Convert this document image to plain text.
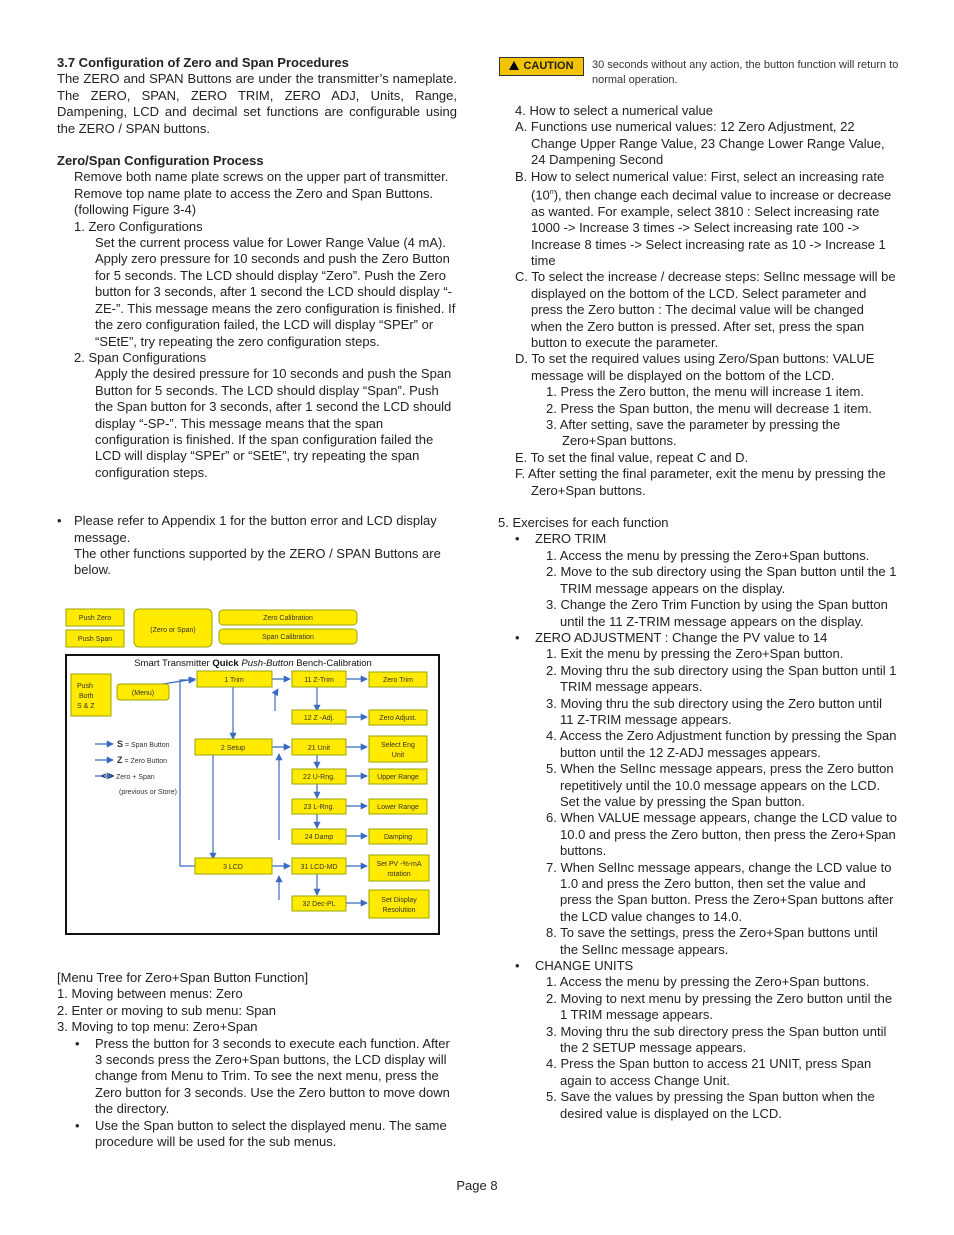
3.7 Configuration of Zero and Span Procedures

The ZERO and SPAN Buttons are under the transmitter’s nameplate. The ZERO, SPAN, ZERO TRIM, ZERO ADJ, Units, Range, Dampening, LCD and decimal set functions are configurable using the ZERO / SPAN buttons.

Zero/Span Configuration Process

Remove both name plate screws on the upper part of transmitter. Remove top name plate to access the Zero and Span Buttons. (following Figure 3-4)

1. Zero Configurations

Set the current process value for Lower Range Value (4 mA). Apply zero pressure for 10 seconds and push the Zero Button for 5 seconds. The LCD should display “Zero”. Push the Zero button for 3 seconds, after 1 second the LCD should display “-ZE-”. This message means the zero configuration is finished. If the zero configuration failed, the LCD will display “SPEr” or “SEtE”, try repeating the zero configuration steps.

2. Span Configurations

Apply the desired pressure for 10 seconds and push the Span Button for 5 seconds. The LCD should display “Span”. Push the Span button for 3 seconds, after 1 second the LCD should display “-SP-”. This message means that the span configuration is finished. If the span configuration failed the LCD will display “SPEr” or “SEtE”, try repeating the span configuration steps.

• Please refer to Appendix 1 for the button error and LCD display message.

The other functions supported by the ZERO / SPAN Buttons are below.

Push Zero
Push Span
(Zero or Span)
Zero Calibration
Span Calibration
Smart Transmitter Quick Push-Button Bench-Calibration
Push
Both
S & Z
(Menu)
1 Trim
2 Setup
3 LCD
11 Z-Trim
12 Z -Adj.
21 Unit
22 U-Rng.
23 L-Rng.
24 Damp
31 LCD-MD
32 Dec-PL
Zero Trim
Zero Adjust.
Select Eng
Unit
Upper Range
Lower Range
Damping
Set PV -%-mA
rotation
Set Display
Resolution
S = Span Button
Z = Zero Button
< > Zero + Span
(previous or Store)

[Menu Tree for Zero+Span Button Function]

1. Moving between menus: Zero

2. Enter or moving to sub menu: Span

3. Moving to top menu: Zero+Span

• Press the button for 3 seconds to execute each function. After 3 seconds press the Zero+Span buttons, the LCD display will change from Menu to Trim. To see the next menu, press the Zero button for 3 seconds. Use the Zero button to move down the directory.

• Use the Span button to select the displayed menu. The same procedure will be used for the sub menus.

CAUTION	30 seconds without any action, the button function will return to normal operation.

4. How to select a numerical value

A. Functions use numerical values: 12 Zero Adjustment, 22 Change Upper Range Value, 23 Change Lower Range Value, 24 Dampening Second

B. How to select numerical value: First, select an increasing rate (10$^n$), then change each decimal value to increase or decrease as wanted. For example, select 3810 : Select increasing rate 1000 -> Increase 3 times -> Select increasing rate 100 -> Increase 8 times -> Select increasing rate as 10 -> Increase 1 time

C. To select the increase / decrease steps: SelInc message will be displayed on the bottom of the LCD. Select parameter and press the Zero button : The decimal value will be changed when the Zero button is pressed. After set, press the span button to execute the parameter.

D. To set the required values using Zero/Span buttons: VALUE message will be displayed on the bottom of the LCD.

1. Press the Zero button, the menu will increase 1 item.

2. Press the Span button, the menu will decrease 1 item.

3. After setting, save the parameter by pressing the Zero+Span buttons.

E. To set the final value, repeat C and D.

F. After setting the final parameter, exit the menu by pressing the Zero+Span buttons.

5. Exercises for each function

• ZERO TRIM

1. Access the menu by pressing the Zero+Span buttons.

2. Move to the sub directory using the Span button until the 1 TRIM message appears on the display.

3. Change the Zero Trim Function by using the Span button until the 11 Z-TRIM message appears on the display.

• ZERO ADJUSTMENT : Change the PV value to 14

1. Exit the menu by pressing the Zero+Span button.

2. Moving thru the sub directory using the Span button until 1 TRIM message appears.

3. Moving thru the sub directory using the Zero button until 11 Z-TRIM message appears.

4. Access the Zero Adjustment function by pressing the Span button until the 12 Z-ADJ messages appears.

5. When the SelInc message appears, press the Zero button repetitively until the 10.0 message appears on the LCD. Set the value by pressing the Span button.

6. When VALUE message appears, change the LCD value to 10.0 and press the Zero button, then press the Zero+Span buttons.

7. When SelInc message appears, change the LCD value to 1.0 and press the Zero button, then set the value and press the Span button. Press the Zero+Span buttons after the LCD value changes to 14.0.

8. To save the settings, press the Zero+Span buttons until the SelInc message appears.

• CHANGE UNITS

1. Access the menu by pressing the Zero+Span buttons.

2. Moving to next menu by pressing the Zero button until the 1 TRIM message appears.

3. Moving thru the sub directory press the Span button until the 2 SETUP message appears.

4. Press the Span button to access 21 UNIT, press Span again to access Change Unit.

5. Save the values by pressing the Span button when the desired value is displayed on the LCD.

Page 8
